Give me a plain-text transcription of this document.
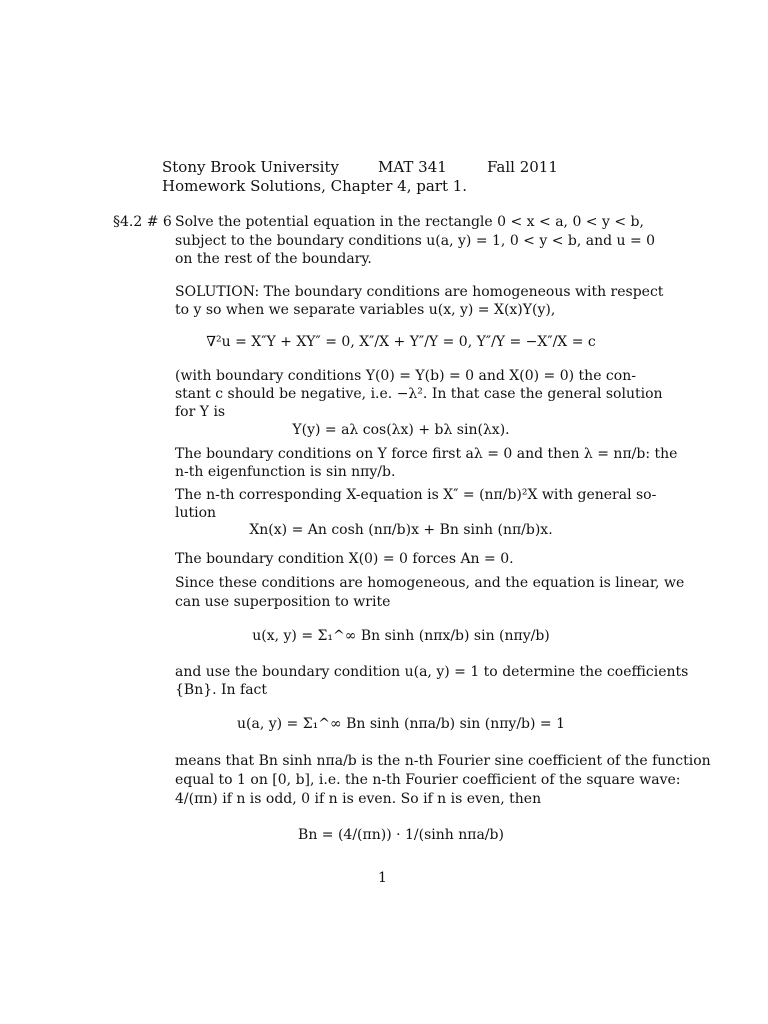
Stony Brook University	MAT 341	Fall 2011
Homework Solutions, Chapter 4, part 1.
§4.2 # 6 Solve the potential equation in the rectangle 0 < x < a, 0 < y < b,
subject to the boundary conditions u(a, y) = 1, 0 < y < b, and u = 0
on the rest of the boundary.
SOLUTION: The boundary conditions are homogeneous with respect
to y so when we separate variables u(x, y) = X(x)Y(y),
∇²u = X″Y + XY″ = 0, X″/X + Y″/Y = 0, Y″/Y = −X″/X = c
(with boundary conditions Y(0) = Y(b) = 0 and X(0) = 0) the con-
stant c should be negative, i.e. −λ². In that case the general solution
for Y is
Y(y) = aλ cos(λx) + bλ sin(λx).
The boundary conditions on Y force first aλ = 0 and then λ = nπ/b: the
n-th eigenfunction is sin nπy/b.
The n-th corresponding X-equation is X″ = (nπ/b)²X with general so-
lution
Xn(x) = An cosh (nπ/b)x + Bn sinh (nπ/b)x.
The boundary condition X(0) = 0 forces An = 0.
Since these conditions are homogeneous, and the equation is linear, we
can use superposition to write
u(x, y) = Σ₁^∞ Bn sinh (nπx/b) sin (nπy/b)
and use the boundary condition u(a, y) = 1 to determine the coefficients
{Bn}. In fact
u(a, y) = Σ₁^∞ Bn sinh (nπa/b) sin (nπy/b) = 1
means that Bn sinh nπa/b is the n-th Fourier sine coefficient of the function
equal to 1 on [0, b], i.e. the n-th Fourier coefficient of the square wave:
4/(πn) if n is odd, 0 if n is even. So if n is even, then
Bn = (4/(πn)) · 1/(sinh nπa/b)
1
